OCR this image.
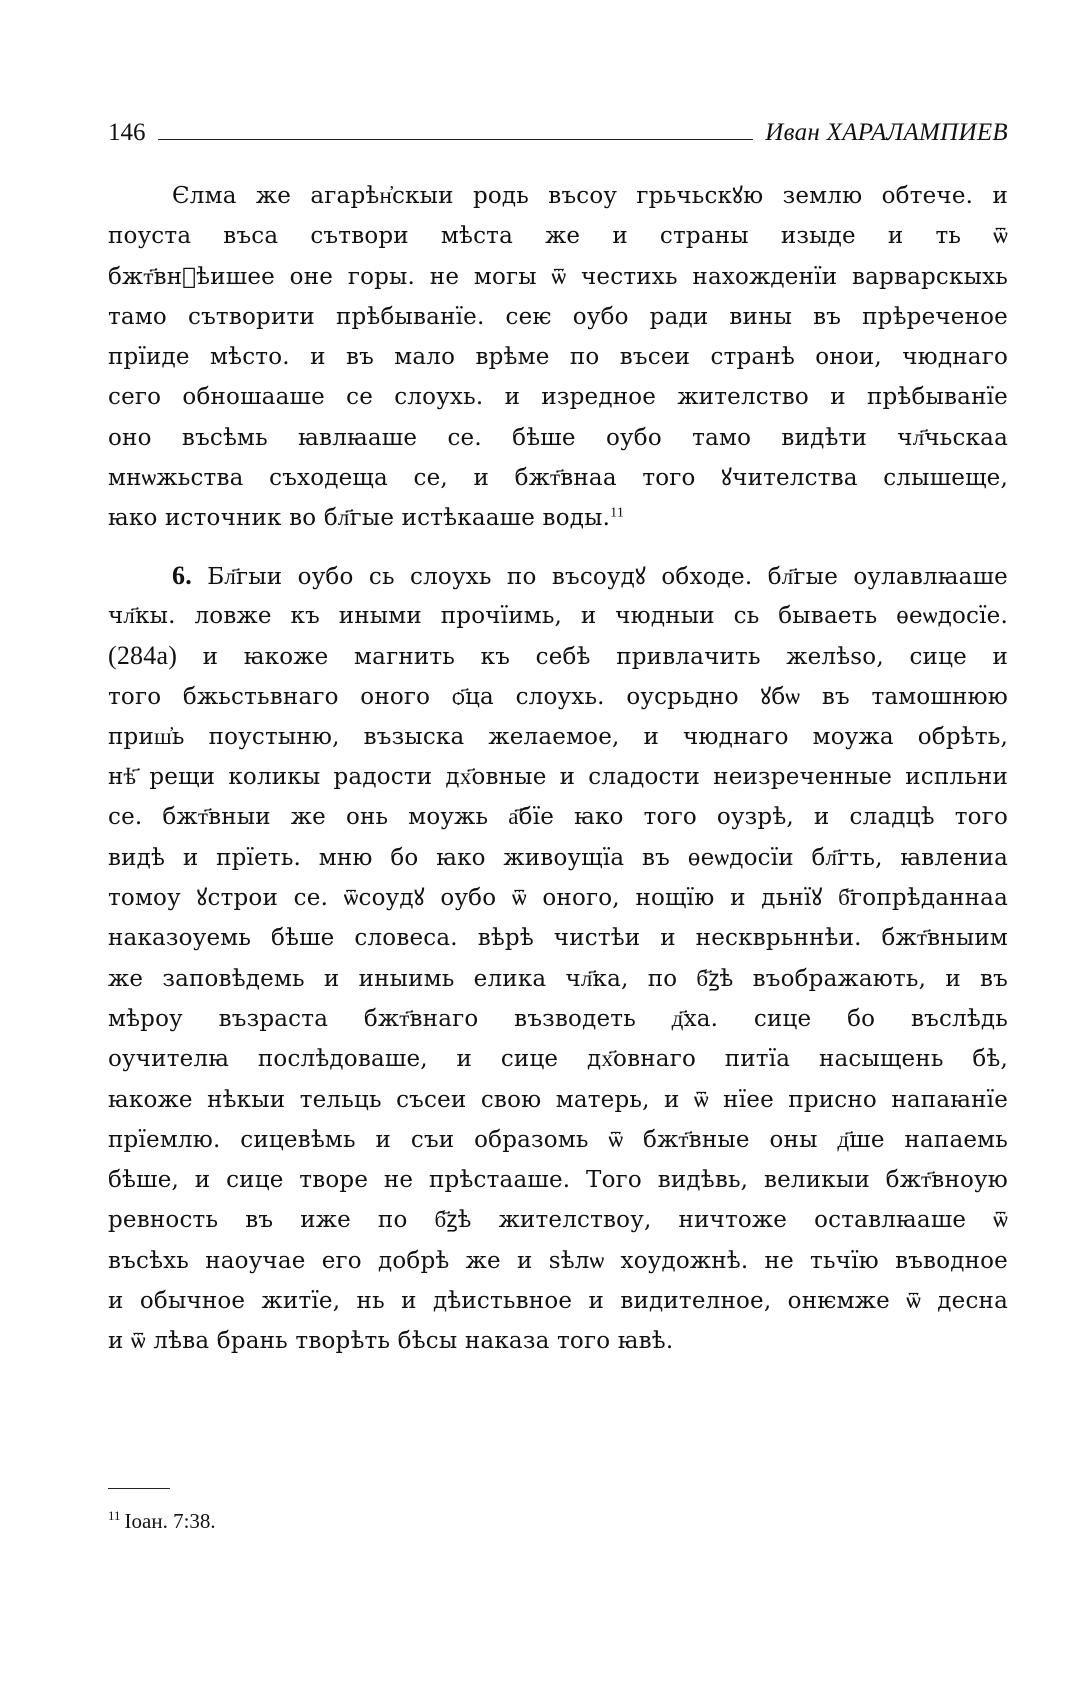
146	Иван ХАРАЛАМПИЕВ
Єлма же агарѣн҆скыи родь въсоу грьчьскꙋю землю обтече. и
поуста въса сътвори мѣста же и страны изыде и ть ѿ
бжт҃вн꙼ѣишее оне горы. не могы ѿ честихь нахожденїи варварскыхь
тамо сътворити прѣбыванїе. сеѥ оубо ради вины въ прѣреченое
прїиде мѣсто. и въ мало врѣме по въсеи странѣ онои, чюднаго
сего обношааше се слоухь. и изредное жителство и прѣбыванїе
оно въсѣмь ꙗвлꙗаше се. бѣше оубо тамо видѣти чл҃чьскаа
мнѡжьства съходеща се, и бжт҃внаа того ꙋчителства слышеще,
ꙗко источник во бл҃гые истѣкааше воды.$^{11}$
6. Бл҃гыи оубо сь слоухь по въсоудꙋ обходе. бл҃гые оулавлꙗаше
чл҃кы. ловже къ иными прочїимь, и чюдныи сь бываеть ѳеѡдосїе.
(284а) и ꙗкоже магнить къ себѣ привлачить желѣѕо, сице и
того бжьстьвнаго оного ѻ҃ца слоухь. оусрьдно ꙋбѡ въ тамошнюю
приш҆ь поустыню, възыска желаемое, и чюднаго моужа обрѣть,
нѣ҃ рещи коликы радости дх҃овные и сладости неизреченные испльни
се. бжт҃вныи же онь моужь а҃бїе ꙗко того оузрѣ, и сладцѣ того
видѣ и прїеть. мню бо ꙗко живоущїа въ ѳеѡдосїи бл҃гть, ꙗвлениа
томоу ꙋстрои се. ѿсоудꙋ оубо ѿ оного, нощїю и дьнїꙋ б҃гопрѣданнаа
наказоуемь бѣше словеса. вѣрѣ чистѣи и нескврьннѣи. бжт҃вныим
же заповѣдемь и иныимь елика чл҃ка, по б҃ꙁѣ въображають, и въ
мѣроу възраста бжт҃внаго възводеть д҃ха. сице бо въслѣдь
оучителꙗ послѣдоваше, и сице дх҃овнаго питїа насыщень бѣ,
ꙗкоже нѣкыи тельць съсеи свою матерь, и ѿ нїее присно напаꙗнїе
прїемлю. сицевѣмь и съи образомь ѿ бжт҃вные оны д҃ше напаемь
бѣше, и сице творе не прѣстааше. Того видѣвь, великыи бжт҃вноую
ревность въ иже по б҃ꙁѣ жителствоу, ничтоже оставлꙗаше ѿ
въсѣхь наоучае его добрѣ же и ѕѣлѡ хоудожнѣ. не тьчїю въводное
и обычное житїе, нь и дѣистьвное и видителное, онѥмже ѿ десна
и ѿ лѣва брань творѣть бѣсы наказа того ꙗвѣ.
$^{11}$ Іоан. 7:38.
